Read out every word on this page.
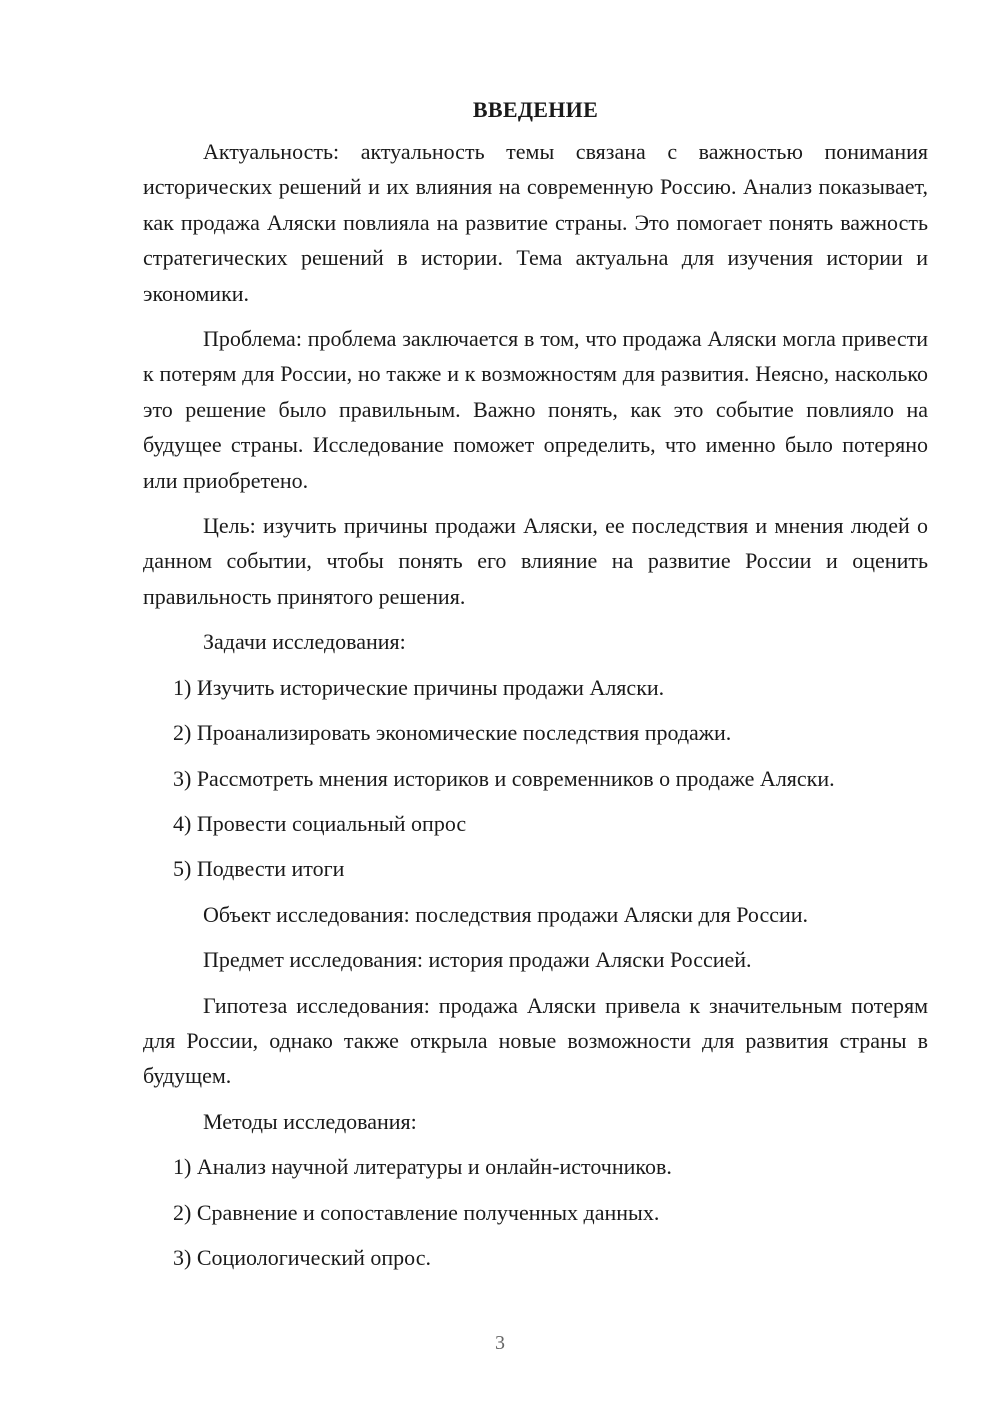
ВВЕДЕНИЕ

Актуальность: актуальность темы связана с важностью понимания исторических решений и их влияния на современную Россию. Анализ показывает, как продажа Аляски повлияла на развитие страны. Это помогает понять важность стратегических решений в истории. Тема актуальна для изучения истории и экономики.

Проблема: проблема заключается в том, что продажа Аляски могла привести к потерям для России, но также и к возможностям для развития. Неясно, насколько это решение было правильным. Важно понять, как это событие повлияло на будущее страны. Исследование поможет определить, что именно было потеряно или приобретено.

Цель: изучить причины продажи Аляски, ее последствия и мнения людей о данном событии, чтобы понять его влияние на развитие России и оценить правильность принятого решения.

Задачи исследования:
1) Изучить исторические причины продажи Аляски.
2) Проанализировать экономические последствия продажи.
3) Рассмотреть мнения историков и современников о продаже Аляски.
4) Провести социальный опрос
5) Подвести итоги
Объект исследования: последствия продажи Аляски для России.
Предмет исследования: история продажи Аляски Россией.

Гипотеза исследования: продажа Аляски привела к значительным потерям для России, однако также открыла новые возможности для развития страны в будущем.

Методы исследования:
1) Анализ научной литературы и онлайн-источников.
2) Сравнение и сопоставление полученных данных.
3) Социологический опрос.
3
